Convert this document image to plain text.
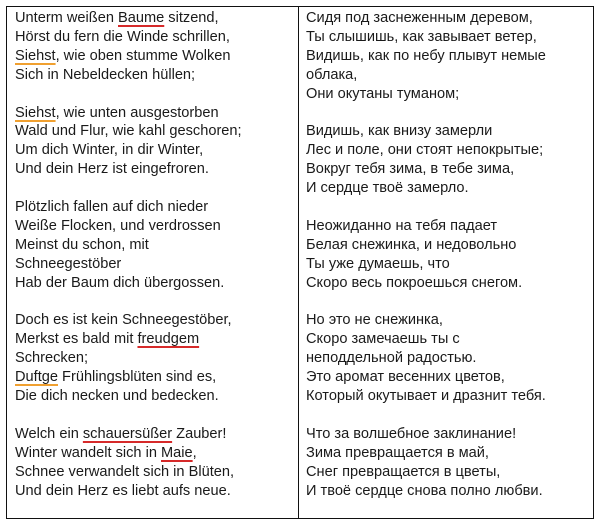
Unterm weißen Baume sitzend,
Hörst du fern die Winde schrillen,
Siehst, wie oben stumme Wolken
Sich in Nebeldecken hüllen;
Siehst, wie unten ausgestorben
Wald und Flur, wie kahl geschoren;
Um dich Winter, in dir Winter,
Und dein Herz ist eingefroren.
Plötzlich fallen auf dich nieder
Weiße Flocken, und verdrossen
Meinst du schon, mit
Schneegestöber
Hab der Baum dich übergossen.
Doch es ist kein Schneegestöber,
Merkst es bald mit freudgem
Schrecken;
Duftge Frühlingsblüten sind es,
Die dich necken und bedecken.
Welch ein schauersüßer Zauber!
Winter wandelt sich in Maie,
Schnee verwandelt sich in Blüten,
Und dein Herz es liebt aufs neue.
Сидя под заснеженным деревом,
Ты слышишь, как завывает ветер,
Видишь, как по небу плывут немые
облака,
Они окутаны туманом;
Видишь, как внизу замерли
Лес и поле, они стоят непокрытые;
Вокруг тебя зима, в тебе зима,
И сердце твоё замерло.
Неожиданно на тебя падает
Белая снежинка, и недовольно
Ты уже думаешь, что
Скоро весь покроешься снегом.
Но это не снежинка,
Скоро замечаешь ты с
неподдельной радостью.
Это аромат весенних цветов,
Который окутывает и дразнит тебя.
Что за волшебное заклинание!
Зима превращается в май,
Снег превращается в цветы,
И твоё сердце снова полно любви.
